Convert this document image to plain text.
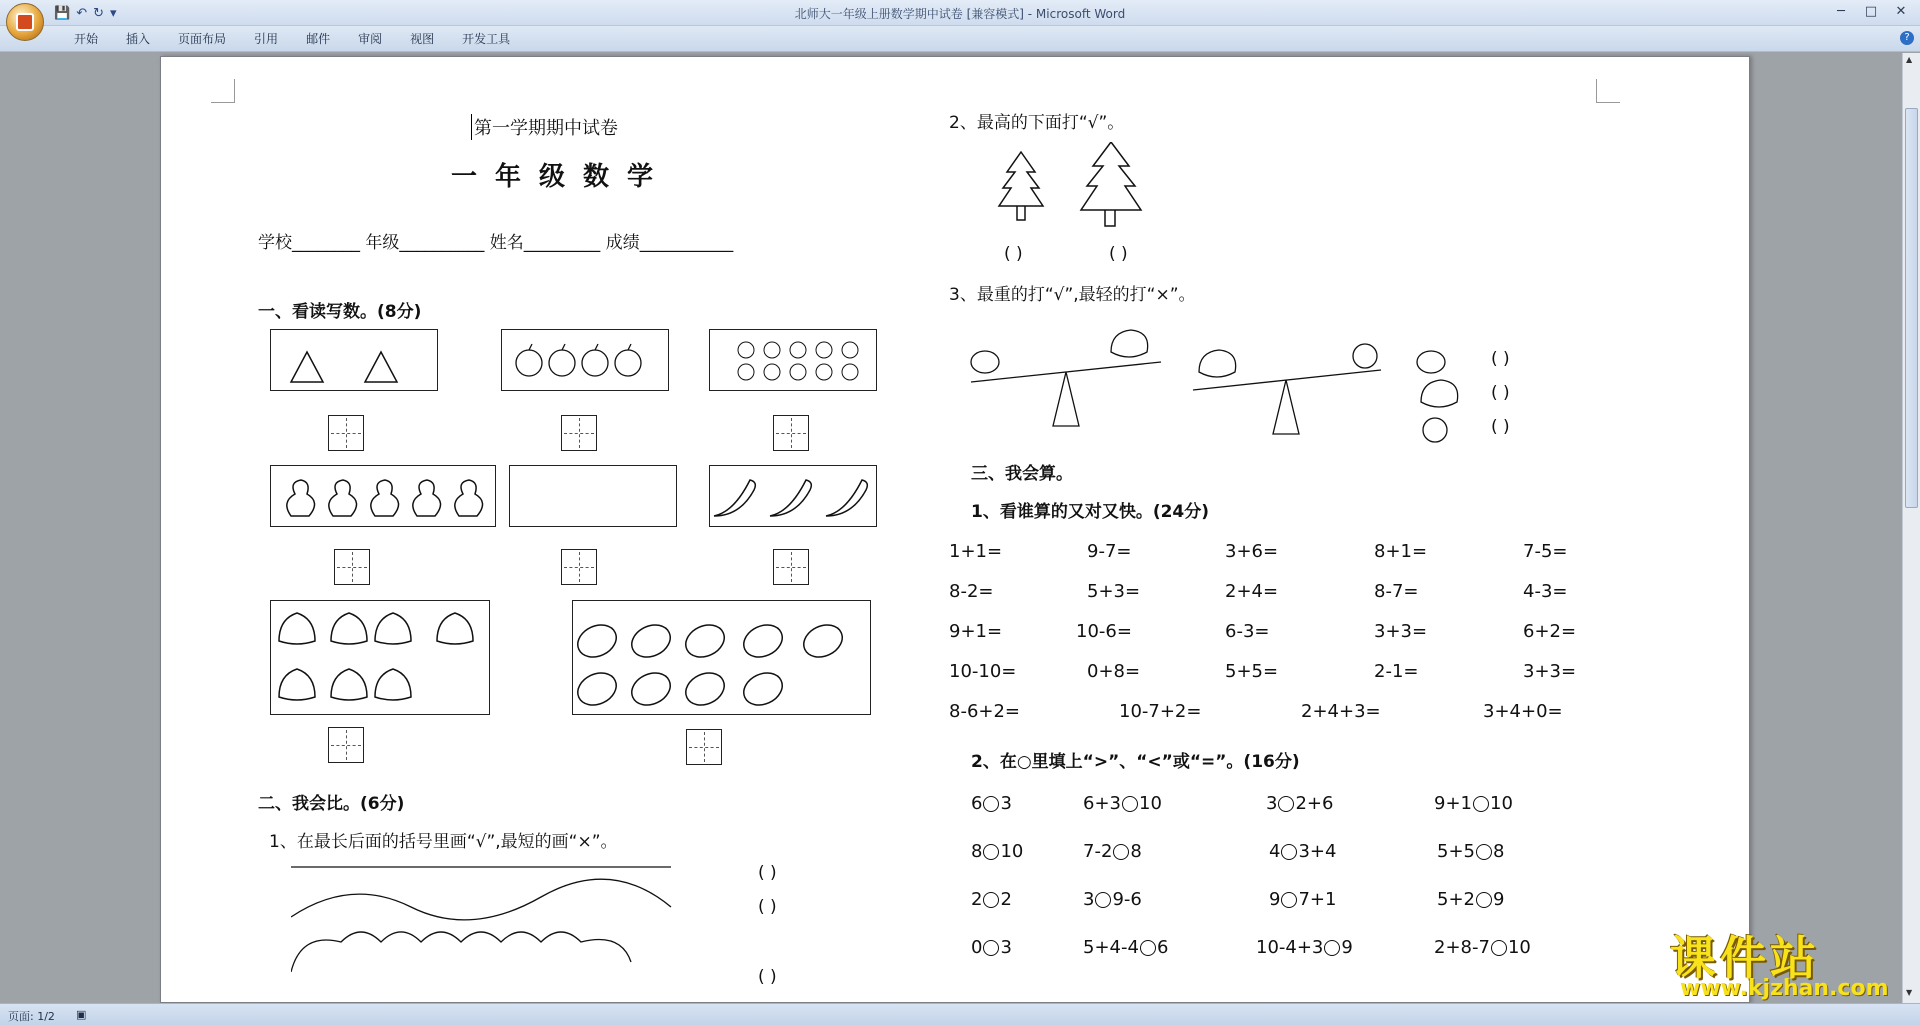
💾 ↶ ↻ ▾	北师大一年级上册数学期中试卷 [兼容模式] - Microsoft Word	─	□	✕
开始	插入	页面布局	引用	邮件	审阅	视图	开发工具	?
▲
▼
第一学期期中试卷
一年级数学
学校________ 年级__________ 姓名_________ 成绩___________
一、看读写数。(8分)
二、我会比。(6分)
1、在最长后面的括号里画“√”,最短的画“×”。
( )
( )
( )
2、最高的下面打“√”。
( )	( )
3、最重的打“√”,最轻的打“×”。
( )
( )
( )
三、我会算。
1、看谁算的又对又快。(24分)
1+1=	9-7=	3+6=	8+1=	7-5=
8-2=	5+3=	2+4=	8-7=	4-3=
9+1=	10-6=	6-3=	3+3=	6+2=
10-10=	0+8=	5+5=	2-1=	3+3=
8-6+2=	10-7+2=	2+4+3=	3+4+0=
2、在○里填上“>”、“<”或“=”。(16分)
6 3	6+3 10	3 2+6	9+1 10
8 10	7-2 8	4 3+4	5+5 8
2 2	3 9-6	9 7+1	5+2 9
0 3	5+4-4 6	10-4+3 9	2+8-7 10	课件站
www.kjzhan.com
页面: 1/2 ▣
